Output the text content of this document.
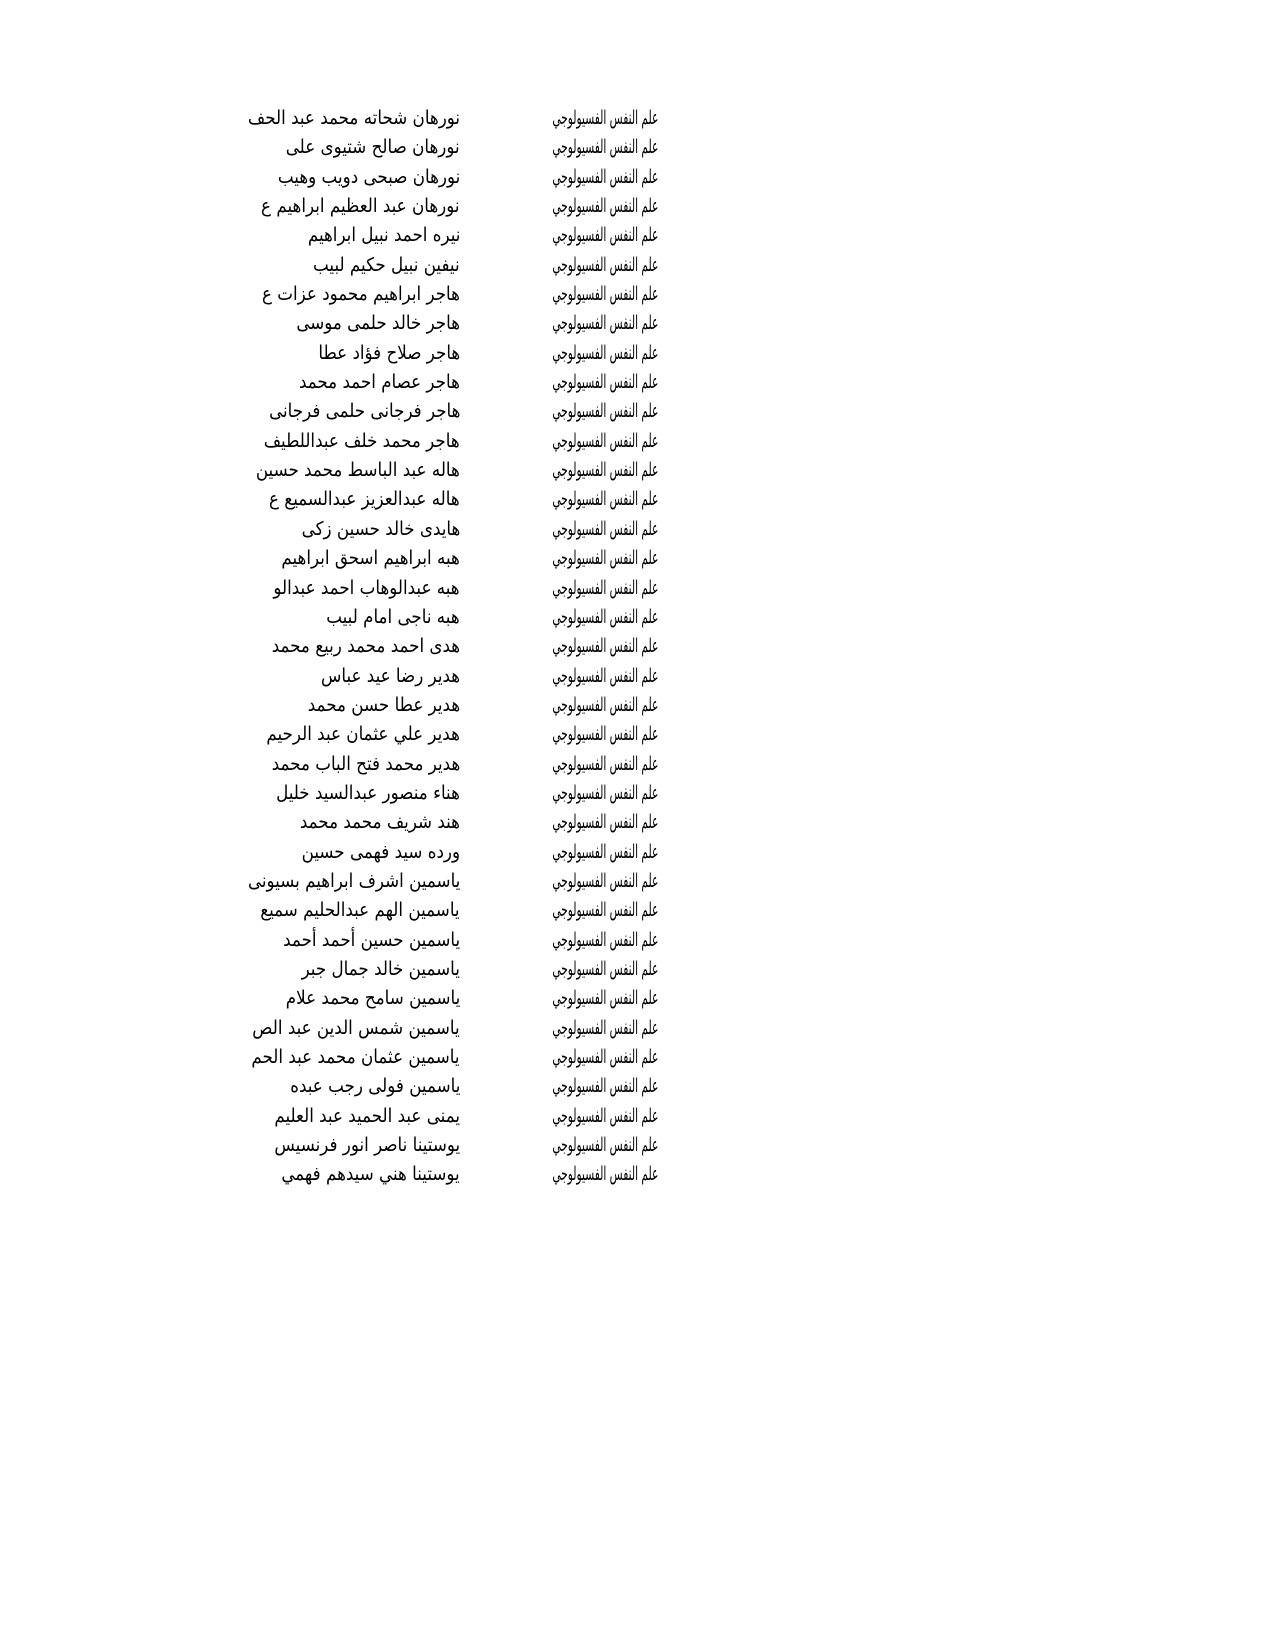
علم النفس الفسيولوجي
نورهان شحاته محمد عبد الحف
علم النفس الفسيولوجي
نورهان صالح شتيوى على
علم النفس الفسيولوجي
نورهان صبحى دويب وهيب
علم النفس الفسيولوجي
نورهان عبد العظيم ابراهيم ع
علم النفس الفسيولوجي
نيره احمد نبيل ابراهيم
علم النفس الفسيولوجي
نيفين نبيل حكيم لبيب
علم النفس الفسيولوجي
هاجر ابراهيم محمود عزات ع
علم النفس الفسيولوجي
هاجر خالد حلمى موسى
علم النفس الفسيولوجي
هاجر صلاح فؤاد عطا
علم النفس الفسيولوجي
هاجر عصام احمد محمد
علم النفس الفسيولوجي
هاجر فرجانى حلمى فرجانى
علم النفس الفسيولوجي
هاجر محمد خلف عبداللطيف
علم النفس الفسيولوجي
هاله عبد الباسط محمد حسين
علم النفس الفسيولوجي
هاله عبدالعزيز عبدالسميع ع
علم النفس الفسيولوجي
هايدى خالد حسين زكى
علم النفس الفسيولوجي
هبه ابراهيم اسحق ابراهيم
علم النفس الفسيولوجي
هبه عبدالوهاب احمد عبدالو
علم النفس الفسيولوجي
هبه ناجى امام لبيب
علم النفس الفسيولوجي
هدى احمد محمد ربيع محمد
علم النفس الفسيولوجي
هدير رضا عيد عباس
علم النفس الفسيولوجي
هدير عطا حسن محمد
علم النفس الفسيولوجي
هدير علي عثمان عبد الرحيم
علم النفس الفسيولوجي
هدير محمد فتح الباب محمد
علم النفس الفسيولوجي
هناء منصور عبدالسيد خليل
علم النفس الفسيولوجي
هند شريف محمد محمد
علم النفس الفسيولوجي
ورده سيد فهمى حسين
علم النفس الفسيولوجي
ياسمين اشرف ابراهيم بسيونى
علم النفس الفسيولوجي
ياسمين الهم عبدالحليم سميع
علم النفس الفسيولوجي
ياسمين حسين أحمد أحمد
علم النفس الفسيولوجي
ياسمين خالد جمال جبر
علم النفس الفسيولوجي
ياسمين سامح محمد علام
علم النفس الفسيولوجي
ياسمين شمس الدين عبد الص
علم النفس الفسيولوجي
ياسمين عثمان محمد عبد الحم
علم النفس الفسيولوجي
ياسمين فولى رجب عبده
علم النفس الفسيولوجي
يمنى عبد الحميد عبد العليم
علم النفس الفسيولوجي
يوستينا ناصر انور فرنسيس
علم النفس الفسيولوجي
يوستينا هني سيدهم فهمي
